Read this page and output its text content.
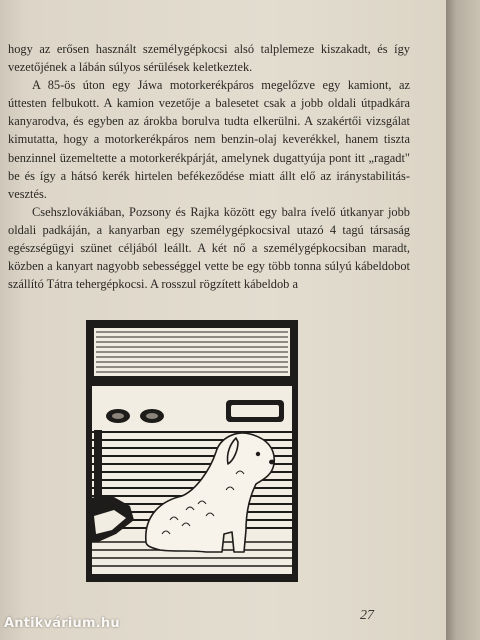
hogy az erősen használt személygépkocsi alsó talplemeze kiszakadt, és így vezetőjének a lábán súlyos sérülések keletkeztek.

A 85-ös úton egy Jáwa motorkerékpáros megelőzve egy kamiont, az úttesten felbukott. A kamion vezetője a balesetet csak a jobb oldali útpadkára kanyarodva, és egyben az árokba borulva tudta elkerülni. A szakértői vizsgálat kimutatta, hogy a motorkerékpáros nem benzin-olaj keverékkel, hanem tiszta benzinnel üzemeltette a motorkerékpárját, amelynek dugattyúja pont itt „ragadt" be és így a hátsó kerék hirtelen befékeződése miatt állt elő az iránystabilitás-vesztés.

Csehszlovákiában, Pozsony és Rajka között egy balra ívelő útkanyar jobb oldali padkáján, a kanyarban egy személygépkocsival utazó 4 tagú társaság egészségügyi szünet céljából leállt. A két nő a személygépkocsiban maradt, közben a kanyart nagyobb sebességgel vette be egy több tonna súlyú kábeldobot szállító Tátra tehergépkocsi. A rosszul rögzített kábeldob a

27
Antikvárium.hu
